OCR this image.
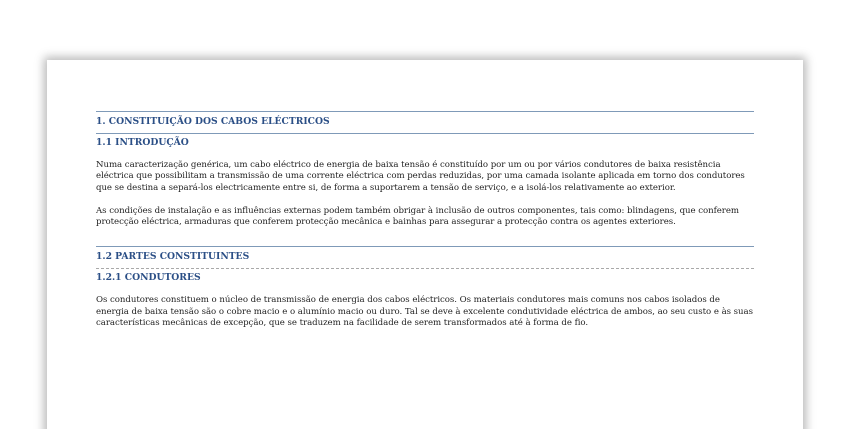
1. CONSTITUIÇÃO DOS CABOS ELÉCTRICOS
1.1 INTRODUÇÃO

Numa caracterização genérica, um cabo eléctrico de energia de baixa tensão é constituído por um ou por vários condutores de baixa resistência eléctrica que possibilitam a transmissão de uma corrente eléctrica com perdas reduzidas, por uma camada isolante aplicada em torno dos condutores que se destina a separá-los electricamente entre si, de forma a suportarem a tensão de serviço, e a isolá-los relativamente ao exterior.

As condições de instalação e as influências externas podem também obrigar à inclusão de outros componentes, tais como: blindagens, que conferem protecção eléctrica, armaduras que conferem protecção mecânica e bainhas para assegurar a protecção contra os agentes exteriores.

1.2 PARTES CONSTITUINTES
1.2.1 CONDUTORES

Os condutores constituem o núcleo de transmissão de energia dos cabos eléctricos. Os materiais condutores mais comuns nos cabos isolados de energia de baixa tensão são o cobre macio e o alumínio macio ou duro. Tal se deve à excelente condutividade eléctrica de ambos, ao seu custo e às suas características mecânicas de excepção, que se traduzem na facilidade de serem transformados até à forma de fio.
